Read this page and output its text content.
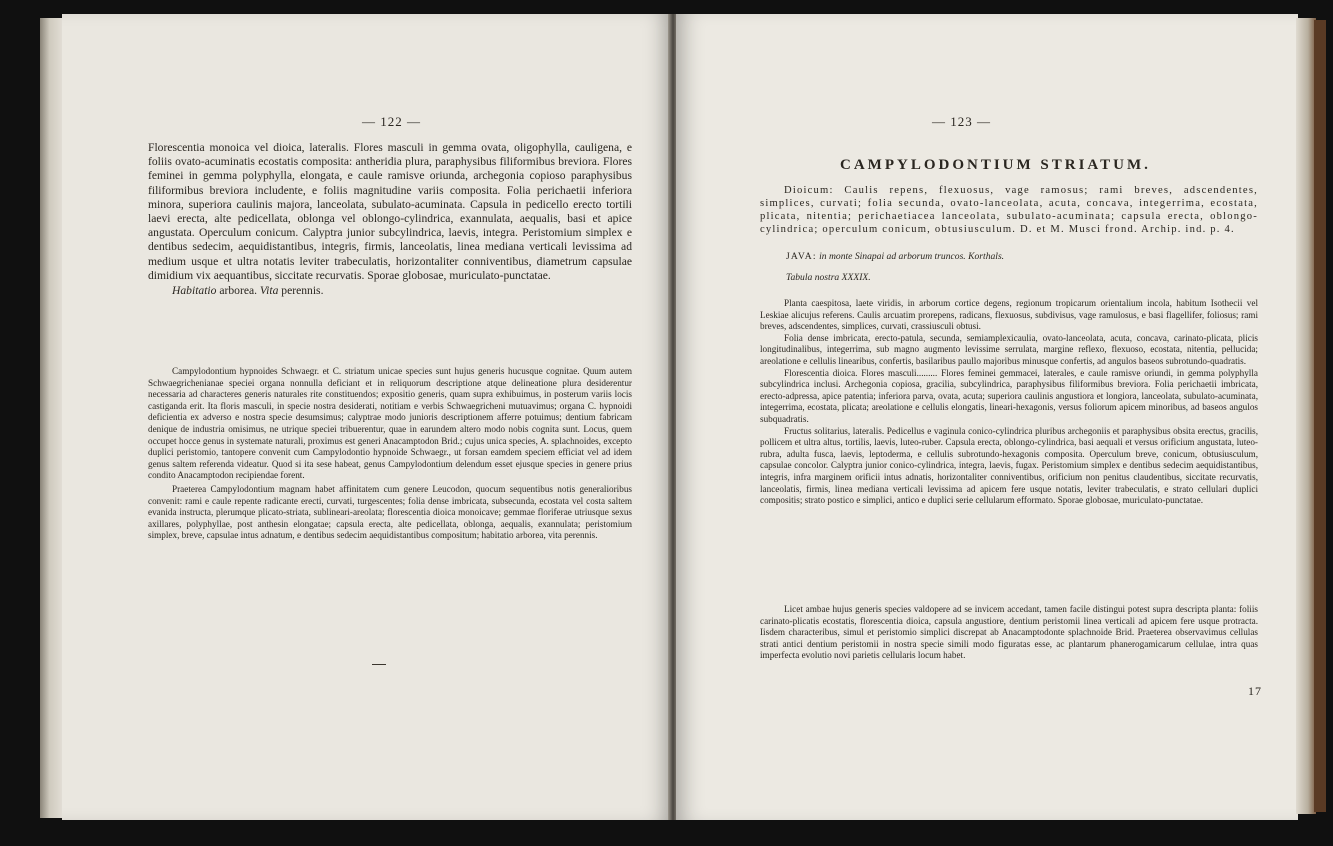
— 122 —

Florescentia monoica vel dioica, lateralis. Flores masculi in gemma ovata, oligophylla, cauligena, e foliis ovato-acuminatis ecostatis composita: antheridia plura, paraphysibus filiformibus breviora. Flores feminei in gemma polyphylla, elongata, e caule ramisve oriunda, archegonia copioso paraphysibus filiformibus breviora includente, e foliis magnitudine variis composita. Folia perichaetii inferiora minora, superiora caulinis majora, lanceolata, subulato-acuminata. Capsula in pedicello erecto tortili laevi erecta, alte pedicellata, oblonga vel oblongo-cylindrica, exannulata, aequalis, basi et apice angustata. Operculum conicum. Calyptra junior subcylindrica, laevis, integra. Peristomium simplex e dentibus sedecim, aequidistantibus, integris, firmis, lanceolatis, linea mediana verticali levissima ad medium usque et ultra notatis leviter trabeculatis, horizontaliter conniventibus, diametrum capsulae dimidium vix aequantibus, siccitate recurvatis. Sporae globosae, muriculato-punctatae.

Habitatio arborea. Vita perennis.

Campylodontium hypnoides Schwaegr. et C. striatum unicae species sunt hujus generis hucusque cognitae. Quum autem Schwaegrichenianae speciei organa nonnulla deficiant et in reliquorum descriptione atque delineatione plura desiderentur necessaria ad characteres generis naturales rite constituendos; expositio generis, quam supra exhibuimus, in posterum variis locis castiganda erit. Ita floris masculi, in specie nostra desiderati, notitiam e verbis Schwaegricheni mutuavimus; organa C. hypnoidi deficientia ex adverso e nostra specie desumsimus; calyptrae modo junioris descriptionem afferre potuimus; dentium fabricam denique de industria omisimus, ne utrique speciei tribuerentur, quae in earundem altero modo nobis cognita sunt. Locus, quem occupet hocce genus in systemate naturali, proximus est generi Anacamptodon Brid.; cujus unica species, A. splachnoides, excepto duplici peristomio, tantopere convenit cum Campylodontio hypnoide Schwaegr., ut forsan eamdem speciem efficiat vel ad idem genus saltem referenda videatur. Quod si ita sese habeat, genus Campylodontium delendum esset ejusque species in genere prius condito Anacamptodon recipiendae forent.

Praeterea Campylodontium magnam habet affinitatem cum genere Leucodon, quocum sequentibus notis generalioribus convenit: rami e caule repente radicante erecti, curvati, turgescentes; folia dense imbricata, subsecunda, ecostata vel costa saltem evanida instructa, plerumque plicato-striata, sublineari-areolata; florescentia dioica monoicave; gemmae floriferae utriusque sexus axillares, polyphyllae, post anthesin elongatae; capsula erecta, alte pedicellata, oblonga, aequalis, exannulata; peristomium simplex, breve, capsulae intus adnatum, e dentibus sedecim aequidistantibus compositum; habitatio arborea, vita perennis.

— 123 —
CAMPYLODONTIUM STRIATUM.

Dioicum: Caulis repens, flexuosus, vage ramosus; rami breves, adscendentes, simplices, curvati; folia secunda, ovato-lanceolata, acuta, concava, integerrima, ecostata, plicata, nitentia; perichaetiacea lanceolata, subulato-acuminata; capsula erecta, oblongo-cylindrica; operculum conicum, obtusiusculum. D. et M. Musci frond. Archip. ind. p. 4.

JAVA: in monte Sinapai ad arborum truncos. Korthals.
Tabula nostra XXXIX.

Planta caespitosa, laete viridis, in arborum cortice degens, regionum tropicarum orientalium incola, habitum Isothecii vel Leskiae alicujus referens. Caulis arcuatim prorepens, radicans, flexuosus, subdivisus, vage ramulosus, e basi flagellifer, foliosus; rami breves, adscendentes, simplices, curvati, crassiusculi obtusi.

Folia dense imbricata, erecto-patula, secunda, semiamplexicaulia, ovato-lanceolata, acuta, concava, carinato-plicata, plicis longitudinalibus, integerrima, sub magno augmento levissime serrulata, margine reflexo, flexuoso, ecostata, nitentia, pellucida; areolatione e cellulis linearibus, confertis, basilaribus paullo majoribus minusque confertis, ad angulos baseos subrotundo-quadratis.

Florescentia dioica. Flores masculi......... Flores feminei gemmacei, laterales, e caule ramisve oriundi, in gemma polyphylla subcylindrica inclusi. Archegonia copiosa, gracilia, subcylindrica, paraphysibus filiformibus breviora. Folia perichaetii imbricata, erecto-adpressa, apice patentia; inferiora parva, ovata, acuta; superiora caulinis angustiora et longiora, lanceolata, subulato-acuminata, integerrima, ecostata, plicata; areolatione e cellulis elongatis, lineari-hexagonis, versus foliorum apicem minoribus, ad baseos angulos subquadratis.

Fructus solitarius, lateralis. Pedicellus e vaginula conico-cylindrica pluribus archegoniis et paraphysibus obsita erectus, gracilis, pollicem et ultra altus, tortilis, laevis, luteo-ruber. Capsula erecta, oblongo-cylindrica, basi aequali et versus orificium angustata, luteo-rubra, adulta fusca, laevis, leptoderma, e cellulis subrotundo-hexagonis composita. Operculum breve, conicum, obtusiusculum, capsulae concolor. Calyptra junior conico-cylindrica, integra, laevis, fugax. Peristomium simplex e dentibus sedecim aequidistantibus, integris, infra marginem orificii intus adnatis, horizontaliter conniventibus, orificium non penitus claudentibus, siccitate recurvatis, lanceolatis, firmis, linea mediana verticali levissima ad apicem fere usque notatis, leviter trabeculatis, e strato cellulari duplici compositis; strato postico e simplici, antico e duplici serie cellularum efformato. Sporae globosae, muriculato-punctatae.

Licet ambae hujus generis species valdopere ad se invicem accedant, tamen facile distingui potest supra descripta planta: foliis carinato-plicatis ecostatis, florescentia dioica, capsula angustiore, dentium peristomii linea verticali ad apicem fere usque protracta. Iisdem characteribus, simul et peristomio simplici discrepat ab Anacamptodonte splachnoide Brid. Praeterea observavimus cellulas strati antici dentium peristomii in nostra specie simili modo figuratas esse, ac plantarum phanerogamicarum cellulae, intra quas imperfecta evolutio novi parietis cellularis locum habet.

17
